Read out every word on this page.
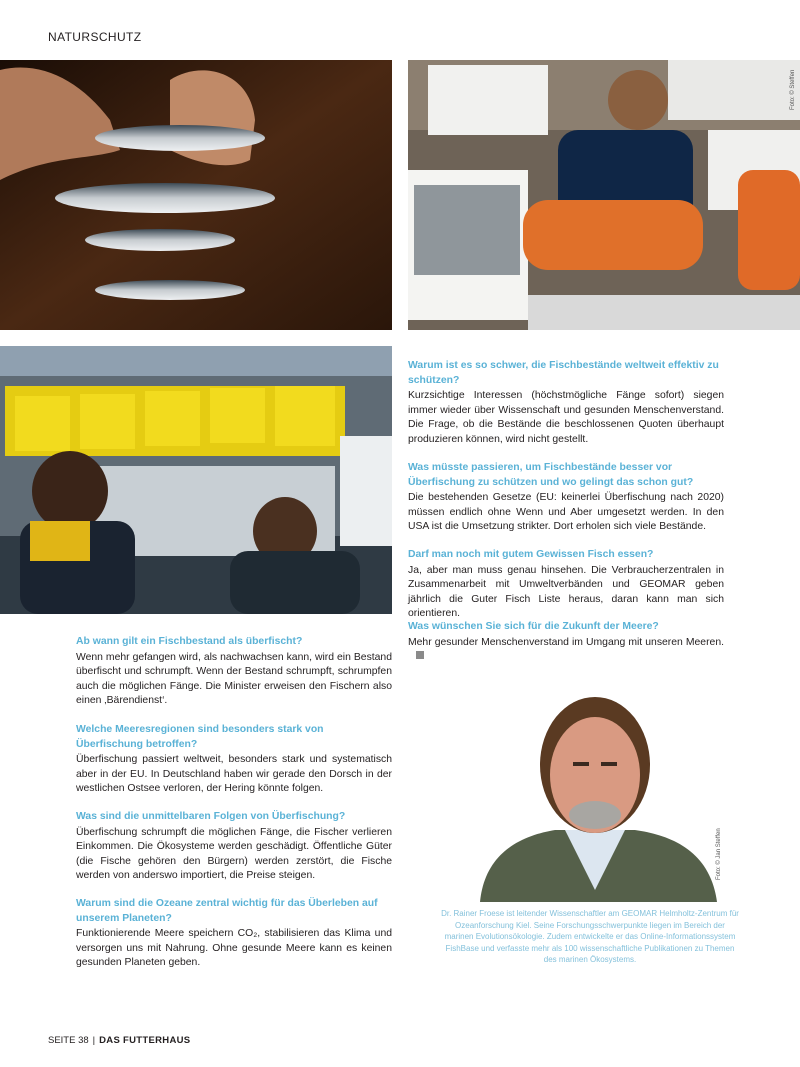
NATURSCHUTZ
Foto: © Steffen
Foto: © Jan Steffen
Ab wann gilt ein Fischbestand als überfischt?
Wenn mehr gefangen wird, als nachwachsen kann, wird ein Bestand überfischt und schrumpft. Wenn der Bestand schrumpft, schrumpfen auch die möglichen Fänge. Die Minister erweisen den Fischern also einen ‚Bärendienst‘.
Welche Meeresregionen sind besonders stark von Überfischung betroffen?
Überfischung passiert weltweit, besonders stark und systematisch aber in der EU. In Deutschland haben wir gerade den Dorsch in der westlichen Ostsee verloren, der Hering könnte folgen.
Was sind die unmittelbaren Folgen von Überfischung?
Überfischung schrumpft die möglichen Fänge, die Fischer verlieren Einkommen. Die Ökosysteme werden geschädigt. Öffentliche Güter (die Fische gehören den Bürgern) werden zerstört, die Fische werden von anderswo importiert, die Preise steigen.
Warum sind die Ozeane zentral wichtig für das Überleben auf unserem Planeten?
Funktionierende Meere speichern CO₂, stabilisieren das Klima und versorgen uns mit Nahrung. Ohne gesunde Meere kann es keinen gesunden Planeten geben.
Warum ist es so schwer, die Fischbestände weltweit effektiv zu schützen?
Kurzsichtige Interessen (höchstmögliche Fänge sofort) siegen immer wieder über Wissenschaft und gesunden Menschenverstand. Die Frage, ob die Bestände die beschlossenen Quoten überhaupt produzieren können, wird nicht gestellt.
Was müsste passieren, um Fischbestände besser vor Überfischung zu schützen und wo gelingt das schon gut?
Die bestehenden Gesetze (EU: keinerlei Überfischung nach 2020) müssen endlich ohne Wenn und Aber umgesetzt werden. In den USA ist die Umsetzung strikter. Dort erholen sich viele Bestände.
Darf man noch mit gutem Gewissen Fisch essen?
Ja, aber man muss genau hinsehen. Die Verbraucherzentralen in Zusammenarbeit mit Umweltverbänden und GEOMAR geben jährlich die Guter Fisch Liste heraus, daran kann man sich orientieren.
Was wünschen Sie sich für die Zukunft der Meere?
Mehr gesunder Menschenverstand im Umgang mit unseren Meeren.
Dr. Rainer Froese ist leitender Wissenschaftler am GEOMAR Helmholtz-Zentrum für Ozeanforschung Kiel. Seine Forschungsschwerpunkte liegen im Bereich der marinen Evolutionsökologie. Zudem entwickelte er das Online-Informationssystem FishBase und verfasste mehr als 100 wissenschaftliche Publikationen zu Themen des marinen Ökosystems.
SEITE 38 | DAS FUTTERHAUS
